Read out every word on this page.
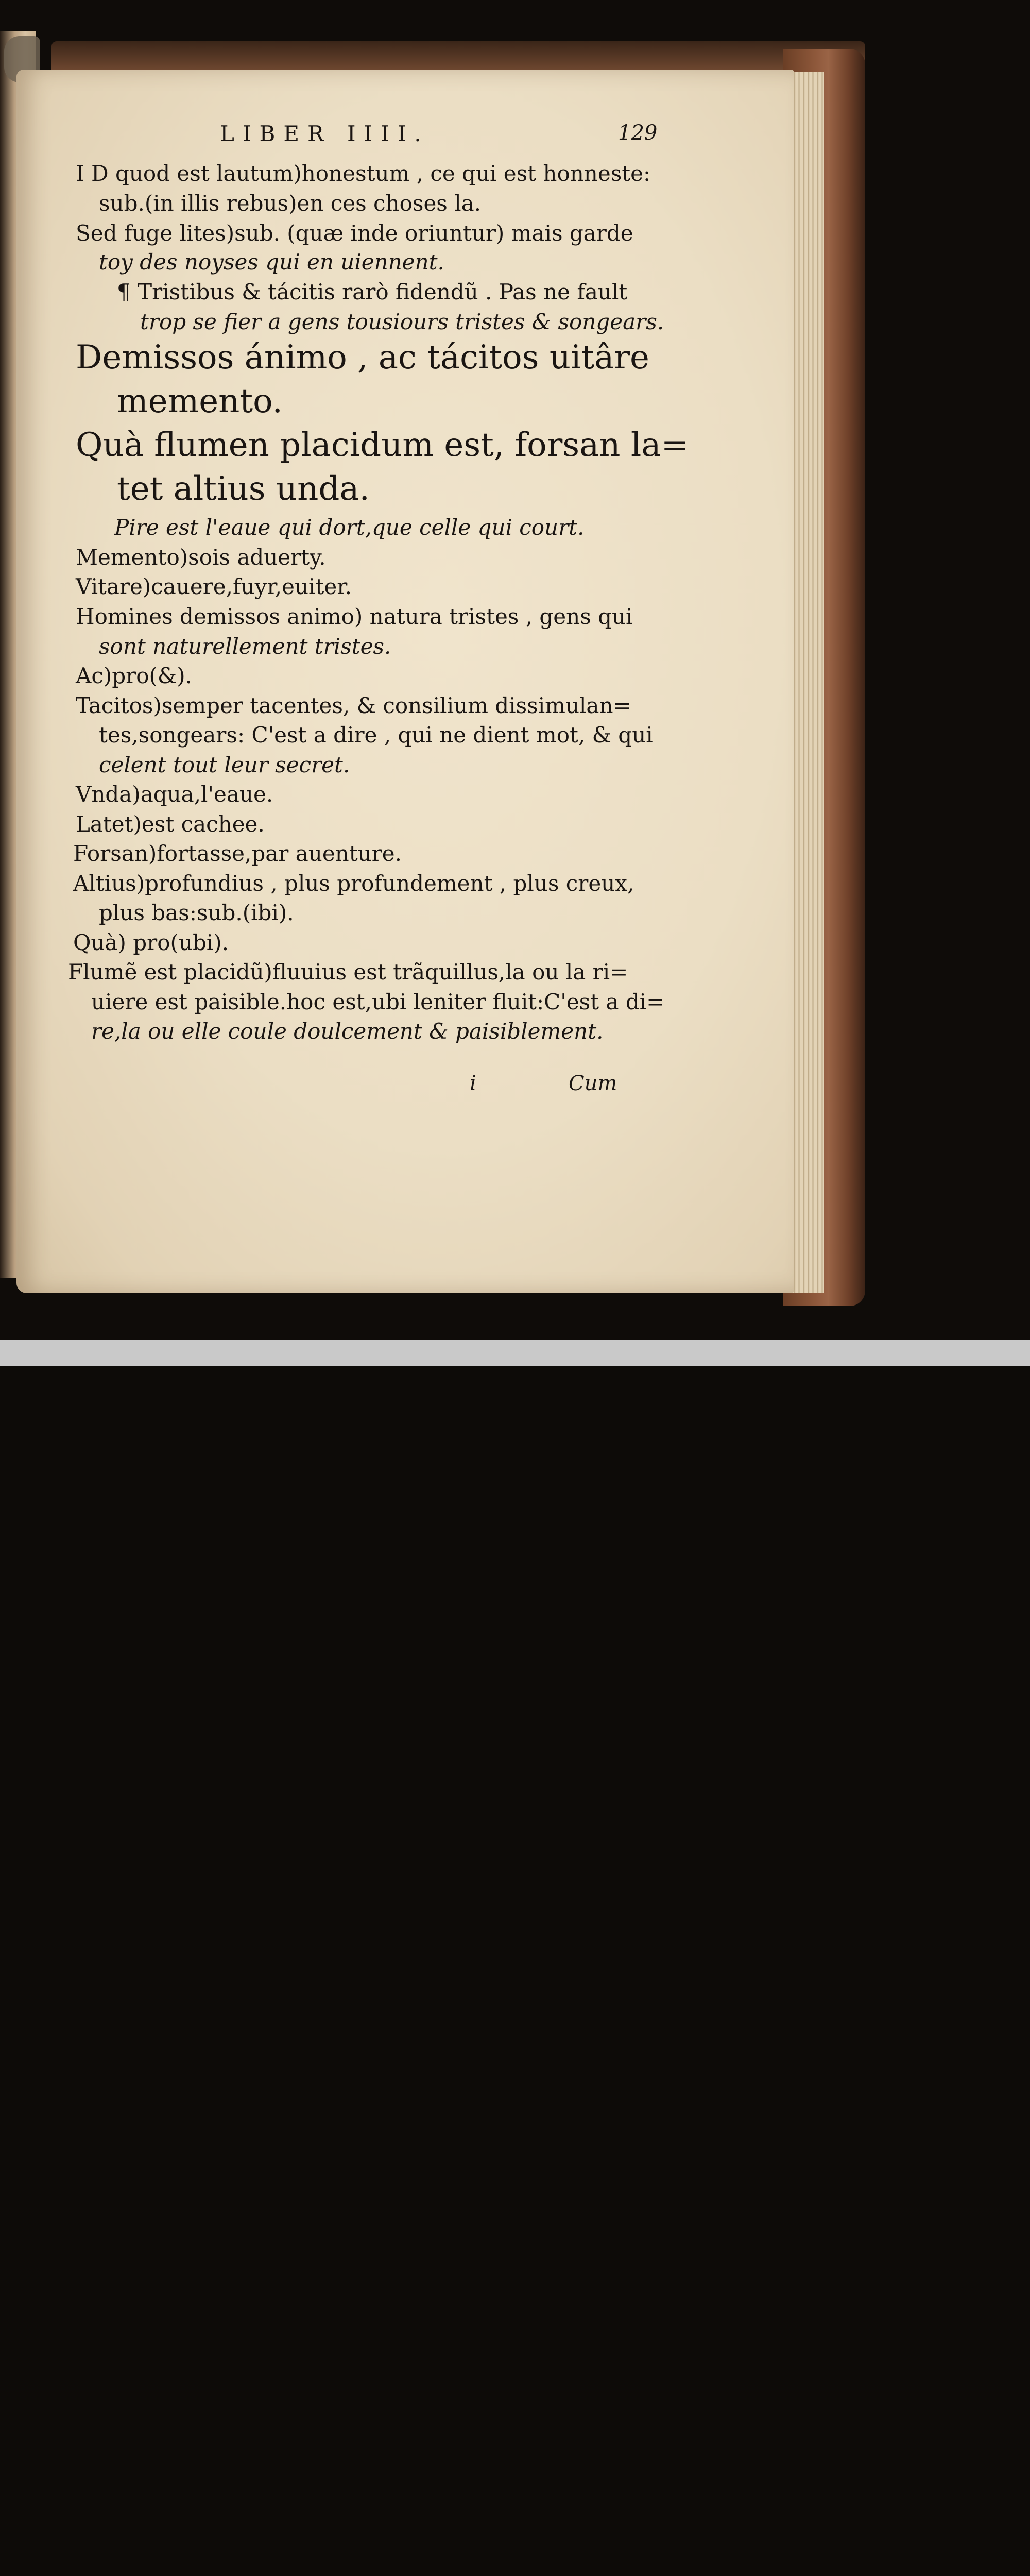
LIBER IIII.	129
I D quod est lautum)honestum , ce qui est honneste:
sub.(in illis rebus)en ces choses la.
Sed fuge lites)sub. (quæ inde oriuntur) mais garde
toy des noyses qui en uiennent.
¶ Tristibus & tácitis rarò fidendũ . Pas ne fault
trop se fier a gens tousiours tristes & songears.
Demissos ánimo , ac tácitos uitâre
memento.
Quà flumen placidum est, forsan la=
tet altius unda.
Pire est l'eaue qui dort,que celle qui court.
Memento)sois aduerty.
Vitare)cauere,fuyr,euiter.
Homines demissos animo) natura tristes , gens qui
sont naturellement tristes.
Ac)pro(&).
Tacitos)semper tacentes, & consilium dissimulan=
tes,songears: C'est a dire , qui ne dient mot, & qui
celent tout leur secret.
Vnda)aqua,l'eaue.
Latet)est cachee.
Forsan)fortasse,par auenture.
Altius)profundius , plus profundement , plus creux,
plus bas:sub.(ibi).
Quà) pro(ubi).
Flumẽ est placidũ)fluuius est trãquillus,la ou la ri=
uiere est paisible.hoc est,ubi leniter fluit:C'est a di=
re,la ou elle coule doulcement & paisiblement.
i	Cum
